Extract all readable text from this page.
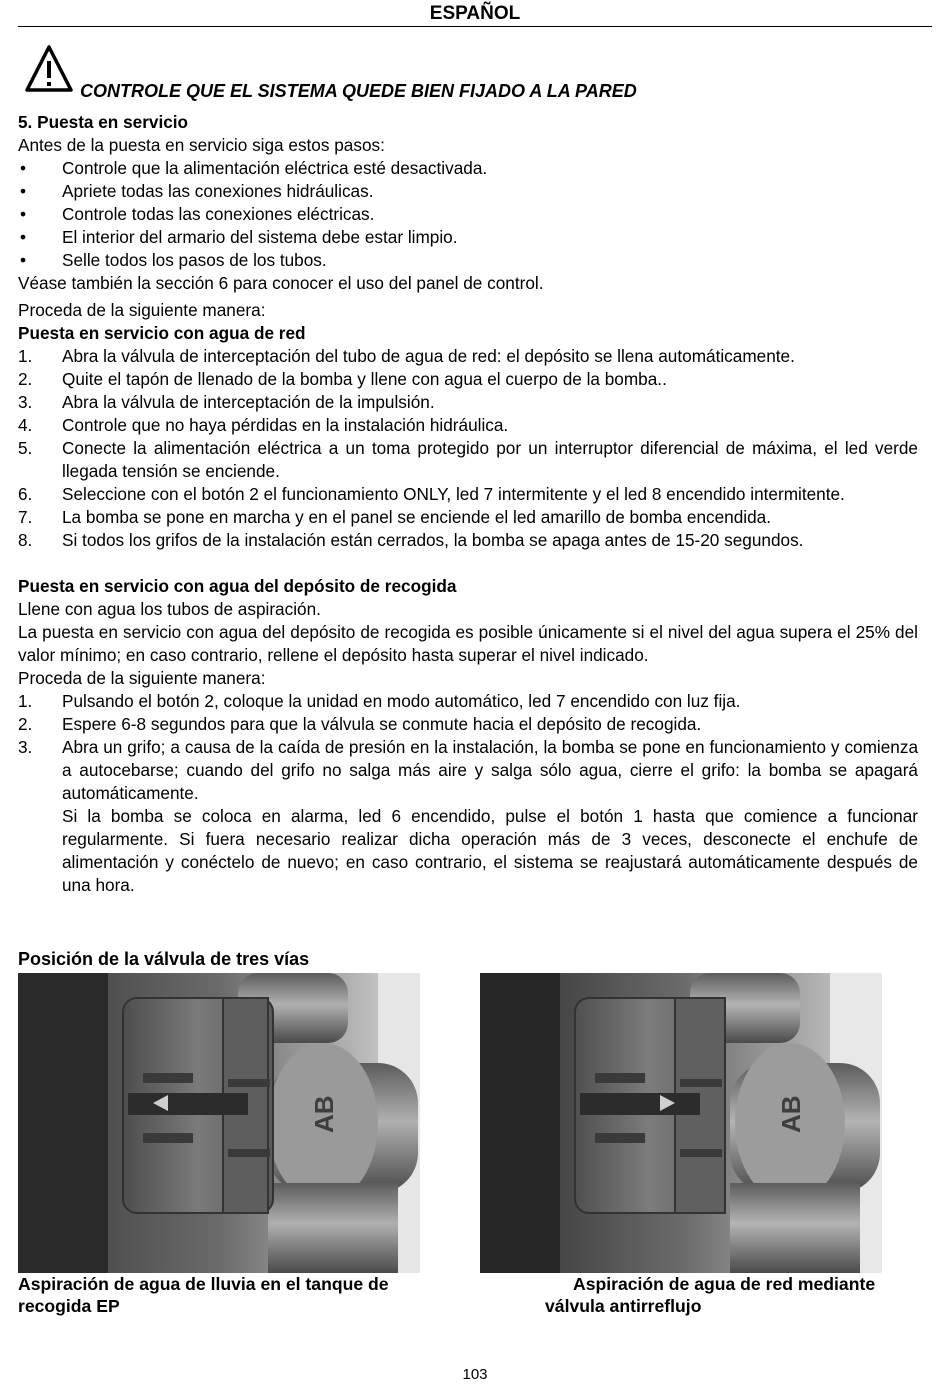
ESPAÑOL
CONTROLE QUE EL SISTEMA QUEDE BIEN FIJADO A LA PARED

5. Puesta en servicio

Antes de la puesta en servicio siga estos pasos:

• Controle que la alimentación eléctrica esté desactivada.
• Apriete todas las conexiones hidráulicas.
• Controle todas las conexiones eléctricas.
• El interior del armario del sistema debe estar limpio.
• Selle todos los pasos de los tubos.

Véase también la sección 6 para conocer el uso del panel de control.

Proceda de la siguiente manera:

Puesta en servicio con agua de red

1.	Abra la válvula de interceptación del tubo de agua de red: el depósito se llena automáticamente.
2.	Quite el tapón de llenado de la bomba y llene con agua el cuerpo de la bomba..
3.	Abra la válvula de interceptación de la impulsión.
4.	Controle que no haya pérdidas en la instalación hidráulica.
5.	Conecte la alimentación eléctrica a un toma protegido por un interruptor diferencial de máxima, el led verde llegada tensión se enciende.
6.	Seleccione con el botón 2 el funcionamiento ONLY, led 7 intermitente y el led 8 encendido intermitente.
7.	La bomba se pone en marcha y en el panel se enciende el led amarillo de bomba encendida.
8.	Si todos los grifos de la instalación están cerrados, la bomba se apaga antes de 15-20 segundos.

Puesta en servicio con agua del depósito de recogida

Llene con agua los tubos de aspiración.

La puesta en servicio con agua del depósito de recogida es posible únicamente si el nivel del agua supera el 25% del valor mínimo; en caso contrario, rellene el depósito hasta superar el nivel indicado.

Proceda de la siguiente manera:

1.	Pulsando el botón 2, coloque la unidad en modo automático, led 7 encendido con luz fija.
2.	Espere 6-8 segundos para que la válvula se conmute hacia el depósito de recogida.
3.	Abra un grifo; a causa de la caída de presión en la instalación, la bomba se pone en funcionamiento y comienza a autocebarse; cuando del grifo no salga más aire y salga sólo agua, cierre el grifo: la bomba se apagará automáticamente.

Si la bomba se coloca en alarma, led 6 encendido, pulse el botón 1 hasta que comience a funcionar regularmente. Si fuera necesario realizar dicha operación más de 3 veces, desconecte el enchufe de alimentación y conéctelo de nuevo; en caso contrario, el sistema se reajustará automáticamente después de una hora.

Posición de la válvula de tres vías
AB	AB
Aspiración de agua de lluvia en el tanque de recogida EP
Aspiración de agua de red mediante
válvula antirreflujo
103
